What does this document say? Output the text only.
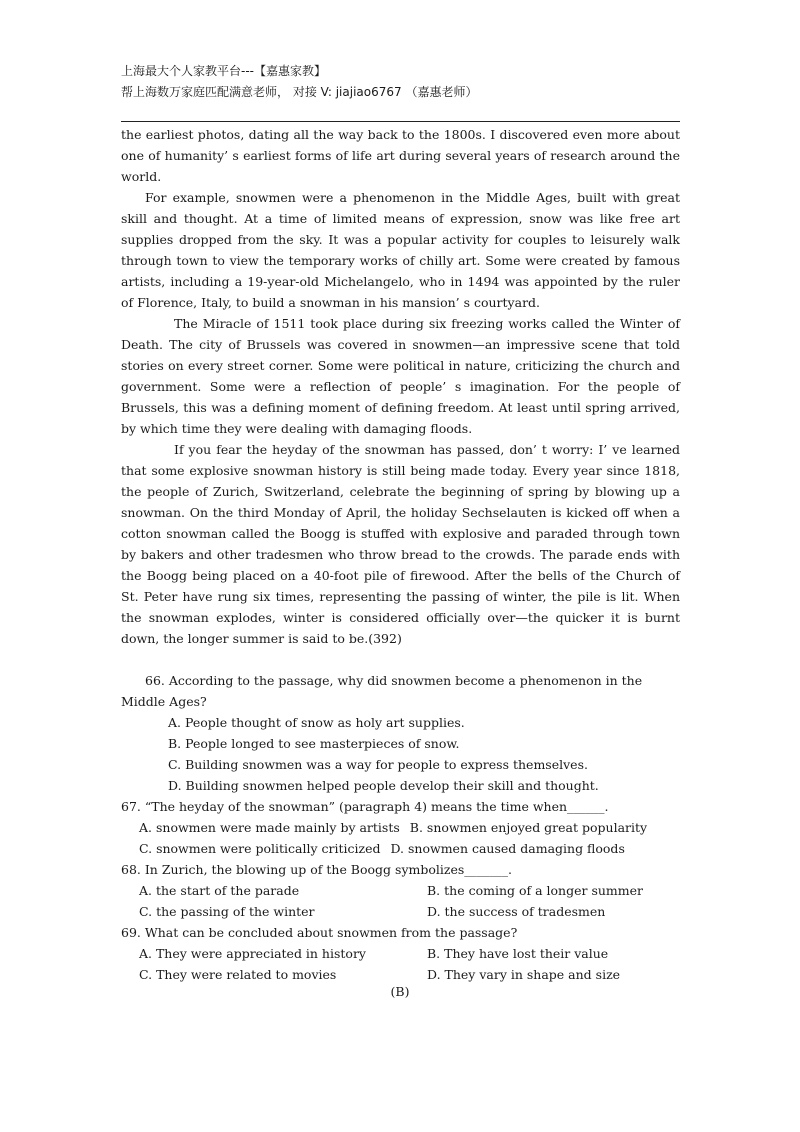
上海最大个人家教平台---【嘉惠家教】
帮上海数万家庭匹配满意老师， 对接 V: jiajiao6767 （嘉惠老师）

the earliest photos, dating all the way back to the 1800s. I discovered even more about one of humanity’ s earliest forms of life art during several years of research around the world.

For example, snowmen were a phenomenon in the Middle Ages, built with great skill and thought. At a time of limited means of expression, snow was like free art supplies dropped from the sky. It was a popular activity for couples to leisurely walk through town to view the temporary works of chilly art. Some were created by famous artists, including a 19-year-old Michelangelo, who in 1494 was appointed by the ruler of Florence, Italy, to build a snowman in his mansion’ s courtyard.

The Miracle of 1511 took place during six freezing works called the Winter of Death. The city of Brussels was covered in snowmen—an impressive scene that told stories on every street corner. Some were political in nature, criticizing the church and government. Some were a reflection of people’ s imagination. For the people of Brussels, this was a defining moment of defining freedom. At least until spring arrived, by which time they were dealing with damaging floods.

If you fear the heyday of the snowman has passed, don’ t worry: I’ ve learned that some explosive snowman history is still being made today. Every year since 1818, the people of Zurich, Switzerland, celebrate the beginning of spring by blowing up a snowman. On the third Monday of April, the holiday Sechselauten is kicked off when a cotton snowman called the Boogg is stuffed with explosive and paraded through town by bakers and other tradesmen who throw bread to the crowds. The parade ends with the Boogg being placed on a 40-foot pile of firewood. After the bells of the Church of St. Peter have rung six times, representing the passing of winter, the pile is lit. When the snowman explodes, winter is considered officially over—the quicker it is burnt down, the longer summer is said to be.(392)

66. According to the passage, why did snowmen become a phenomenon in the Middle Ages?

A. People thought of snow as holy art supplies.

B. People longed to see masterpieces of snow.

C. Building snowmen was a way for people to express themselves.

D. Building snowmen helped people develop their skill and thought.

67. “The heyday of the snowman” (paragraph 4) means the time when______.

A. snowmen were made mainly by artists B. snowmen enjoyed great popularity
C. snowmen were politically criticized D. snowmen caused damaging floods

68. In Zurich, the blowing up of the Boogg symbolizes_______.

A. the start of the parade	B. the coming of a longer summer
C. the passing of the winter	D. the success of tradesmen

69. What can be concluded about snowmen from the passage?

A. They were appreciated in history	B. They have lost their value
C. They were related to movies	D. They vary in shape and size
(B)
